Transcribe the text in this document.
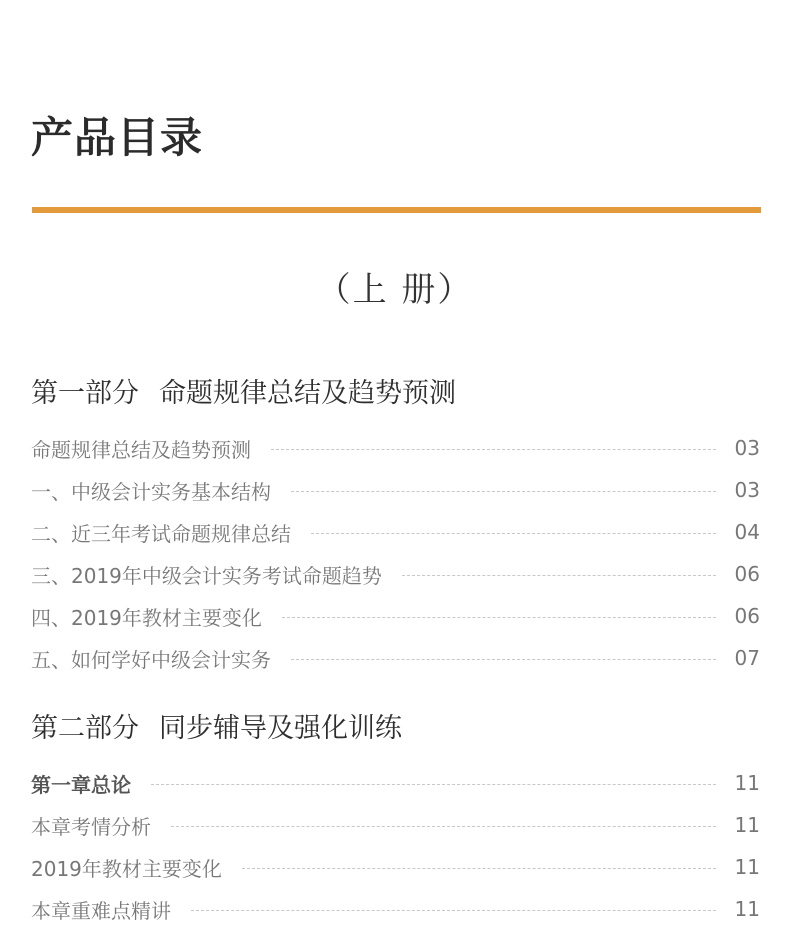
产品目录
（上 册）
第一部分 命题规律总结及趋势预测
命题规律总结及趋势预测	03
一、中级会计实务基本结构	03
二、近三年考试命题规律总结	04
三、2019年中级会计实务考试命题趋势	06
四、2019年教材主要变化	06
五、如何学好中级会计实务	07
第二部分 同步辅导及强化训练
第一章总论	11
本章考情分析	11
2019年教材主要变化	11
本章重难点精讲	11
